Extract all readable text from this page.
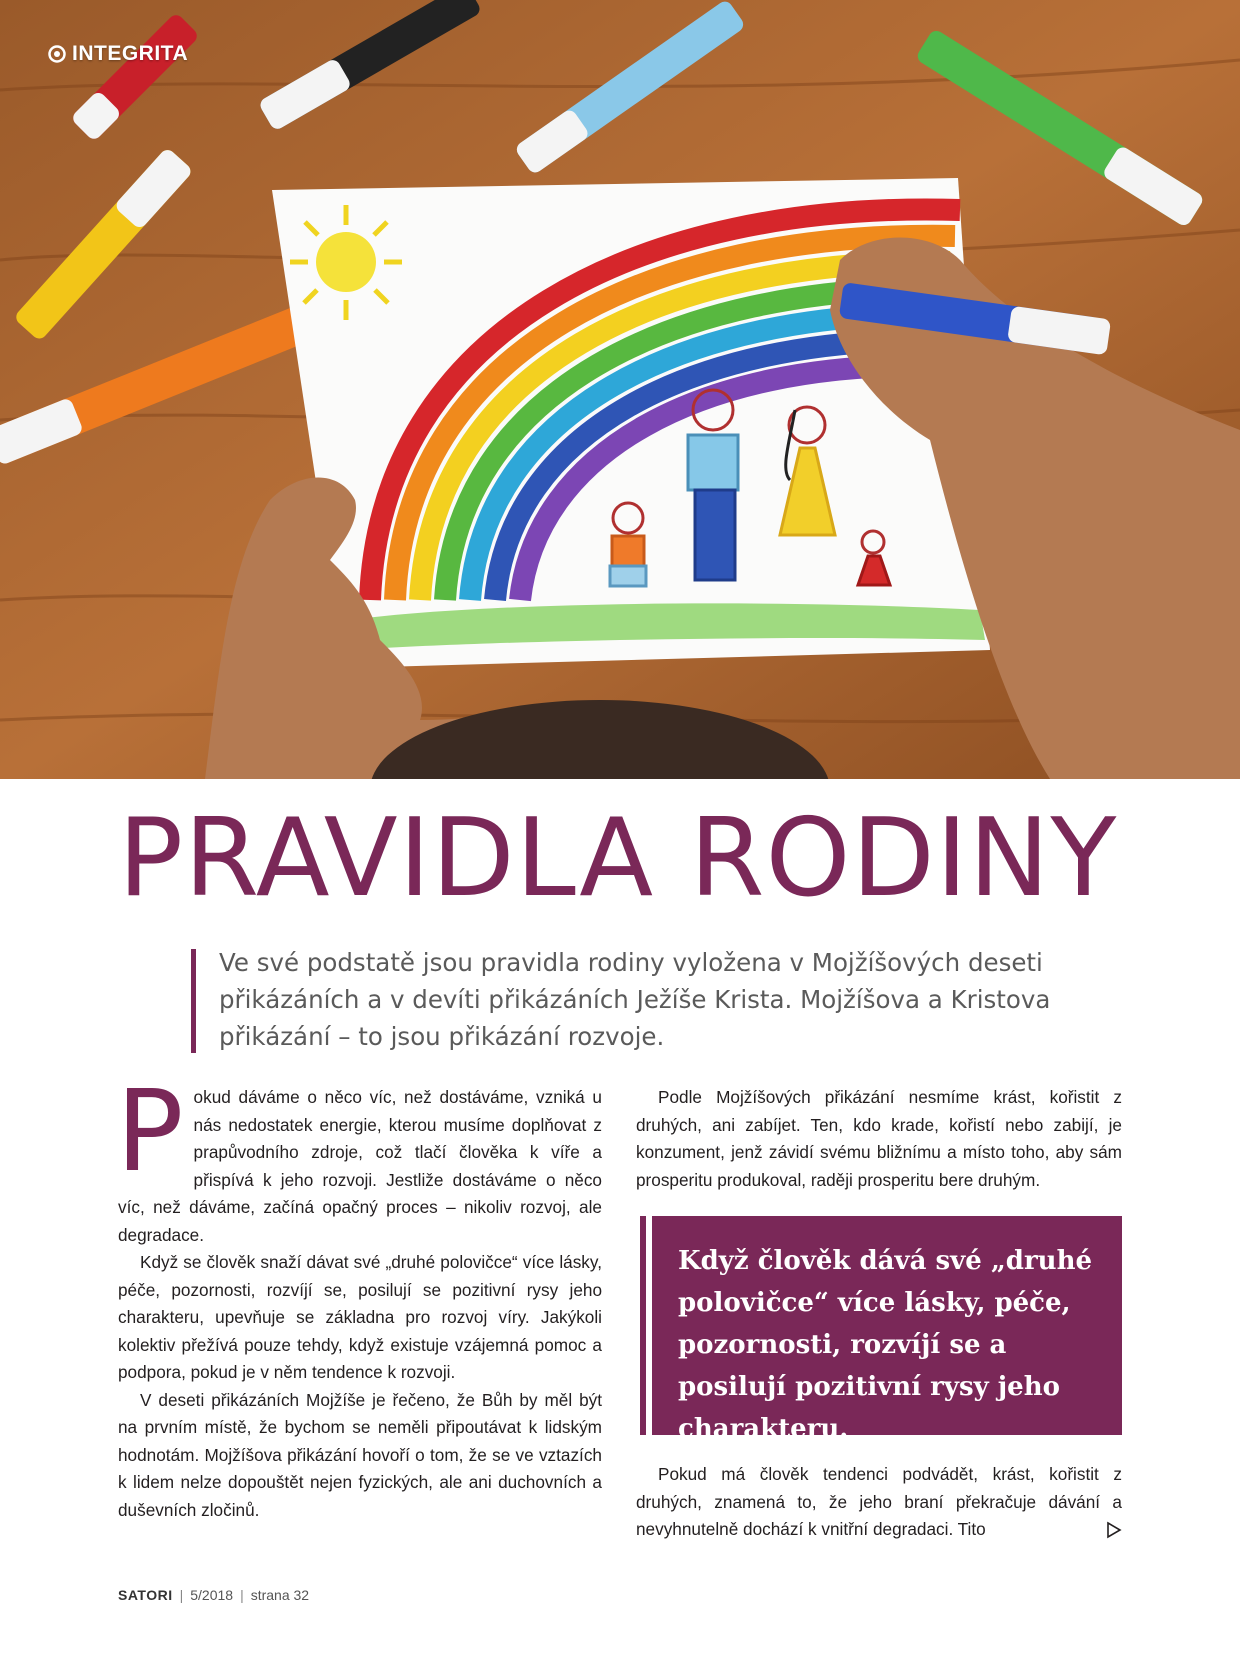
INTEGRITA
PRAVIDLA RODINY

Ve své podstatě jsou pravidla rodiny vyložena v Mojžíšových deseti přikázáních a v devíti přikázáních Ježíše Krista. Mojžíšova a Kristova přikázání – to jsou přikázání rozvoje.

Pokud dáváme o něco víc, než dostáváme, vzniká u nás nedostatek energie, kterou musíme doplňovat z prapůvodního zdroje, což tlačí člověka k víře a přispívá k jeho rozvoji. Jestliže dostáváme o něco víc, než dáváme, začíná opačný proces – nikoliv rozvoj, ale degradace.

Když se člověk snaží dávat své „druhé polovičce“ více lásky, péče, pozornosti, rozvíjí se, posilují se pozitivní rysy jeho charakteru, upevňuje se základna pro rozvoj víry. Jakýkoli kolektiv přežívá pouze tehdy, když existuje vzájemná pomoc a podpora, pokud je v něm tendence k rozvoji.

V deseti přikázáních Mojžíše je řečeno, že Bůh by měl být na prvním místě, že bychom se neměli připoutávat k lidským hodnotám. Mojžíšova přikázání hovoří o tom, že se ve vztazích k lidem nelze dopouštět nejen fyzických, ale ani duchovních a duševních zločinů.

Podle Mojžíšových přikázání nesmíme krást, kořistit z druhých, ani zabíjet. Ten, kdo krade, kořistí nebo zabijí, je konzument, jenž závidí svému bližnímu a místo toho, aby sám prosperitu produkoval, raději prosperitu bere druhým.

Když člověk dává své „druhé polovičce“ více lásky, péče, pozornosti, rozvíjí se a posilují pozitivní rysy jeho charakteru.

Pokud má člověk tendenci podvádět, krást, kořistit z druhých, znamená to, že jeho braní překračuje dávání a nevyhnutelně dochází k vnitřní degradaci. Tito

SATORI | 5/2018 | strana 32
